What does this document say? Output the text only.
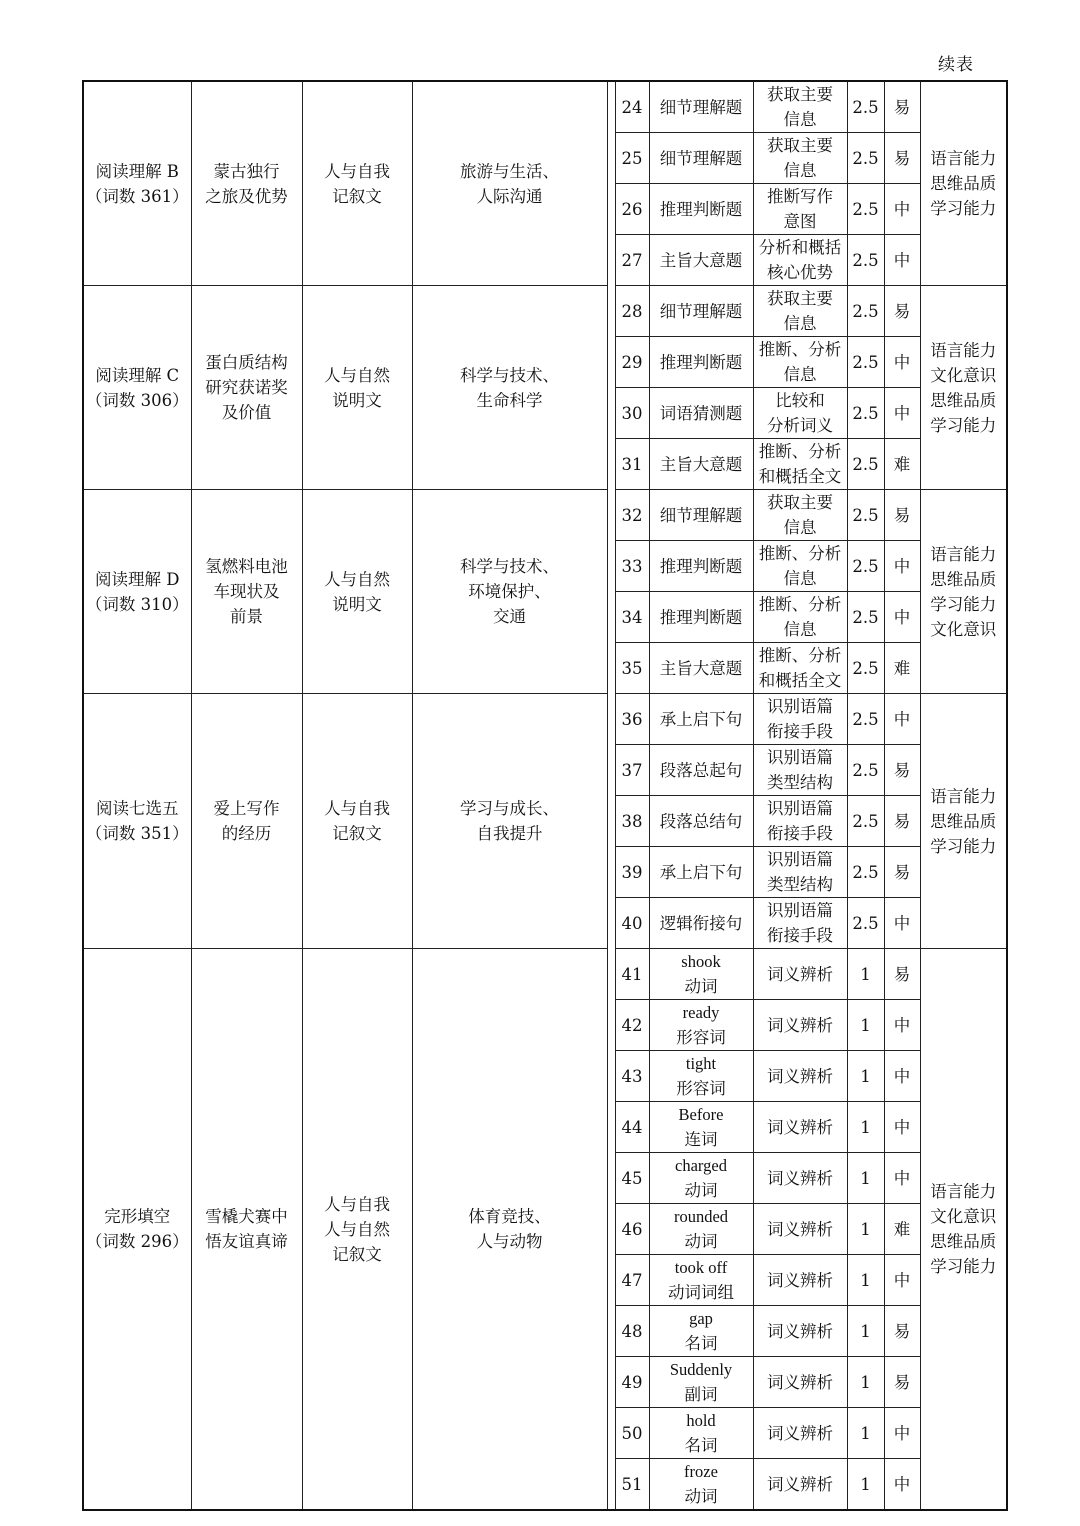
续表
阅读理解 B
（词数 361）	蒙古独行
之旅及优势	人与自我
记叙文	旅游与生活、
人际沟通		24	细节理解题	获取主要
信息	2.5	易	语言能力
思维品质
学习能力
					25	细节理解题	获取主要
信息	2.5	易	
					26	推理判断题	推断写作
意图	2.5	中	
					27	主旨大意题	分析和概括
核心优势	2.5	中	
阅读理解 C
（词数 306）	蛋白质结构
研究获诺奖
及价值	人与自然
说明文	科学与技术、
生命科学		28	细节理解题	获取主要
信息	2.5	易	语言能力
文化意识
思维品质
学习能力
					29	推理判断题	推断、分析
信息	2.5	中	
					30	词语猜测题	比较和
分析词义	2.5	中	
					31	主旨大意题	推断、分析
和概括全文	2.5	难	
阅读理解 D
（词数 310）	氢燃料电池
车现状及
前景	人与自然
说明文	科学与技术、
环境保护、
交通		32	细节理解题	获取主要
信息	2.5	易	语言能力
思维品质
学习能力
文化意识
					33	推理判断题	推断、分析
信息	2.5	中	
					34	推理判断题	推断、分析
信息	2.5	中	
					35	主旨大意题	推断、分析
和概括全文	2.5	难	
阅读七选五
（词数 351）	爱上写作
的经历	人与自我
记叙文	学习与成长、
自我提升		36	承上启下句	识别语篇
衔接手段	2.5	中	语言能力
思维品质
学习能力
					37	段落总起句	识别语篇
类型结构	2.5	易	
					38	段落总结句	识别语篇
衔接手段	2.5	易	
					39	承上启下句	识别语篇
类型结构	2.5	易	
					40	逻辑衔接句	识别语篇
衔接手段	2.5	中	
完形填空
（词数 296）	雪橇犬赛中
悟友谊真谛	人与自我
人与自然
记叙文	体育竞技、
人与动物		41	shook
动词	词义辨析	1	易	语言能力
文化意识
思维品质
学习能力
					42	ready
形容词	词义辨析	1	中	
					43	tight
形容词	词义辨析	1	中	
					44	Before
连词	词义辨析	1	中	
					45	charged
动词	词义辨析	1	中	
					46	rounded
动词	词义辨析	1	难	
					47	took off
动词词组	词义辨析	1	中	
					48	gap
名词	词义辨析	1	易	
					49	Suddenly
副词	词义辨析	1	易	
					50	hold
名词	词义辨析	1	中	
					51	froze
动词	词义辨析	1	中	
